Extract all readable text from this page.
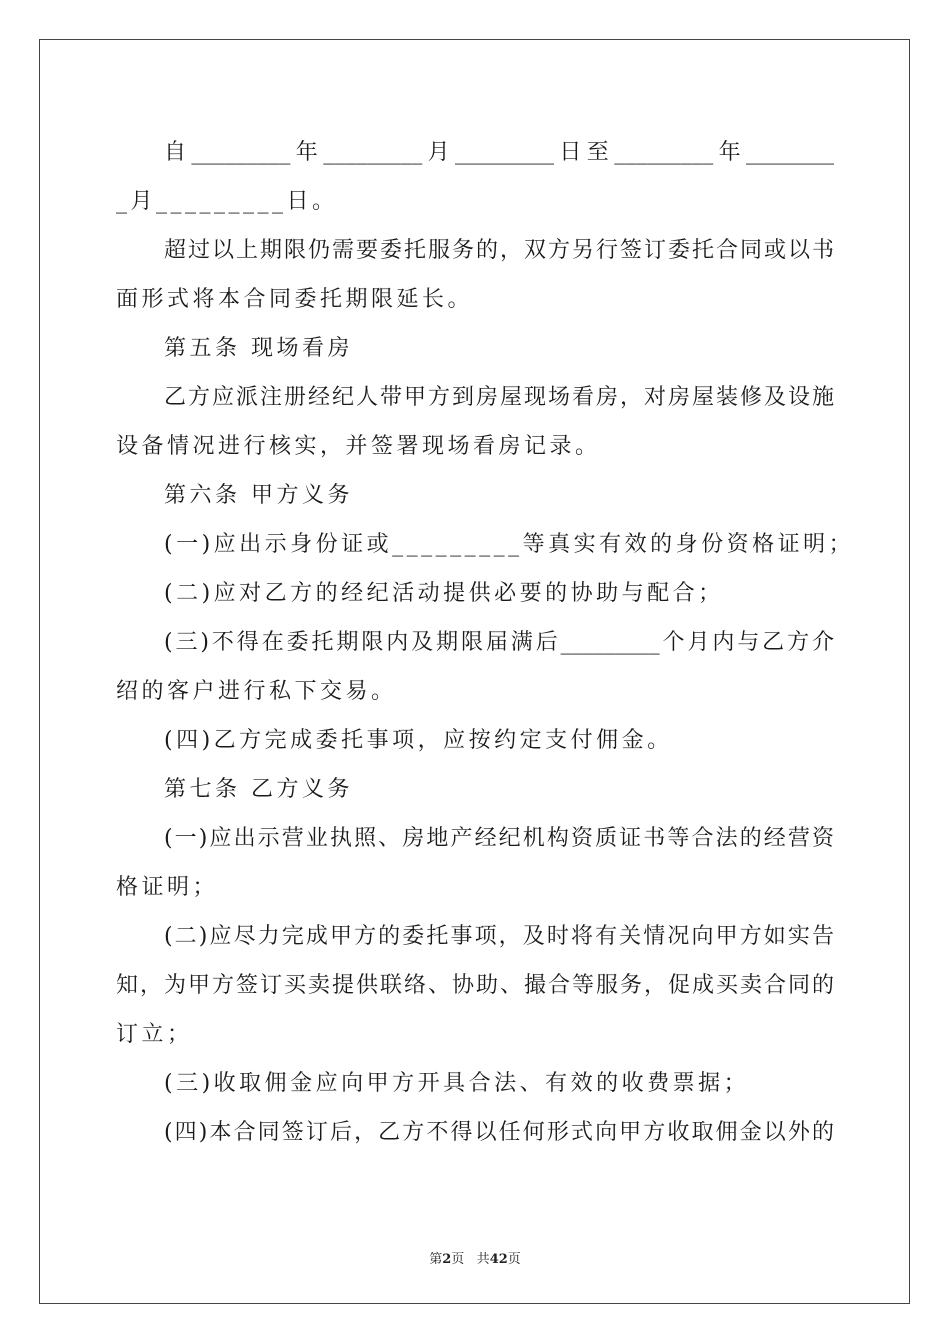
自_________年_________月_________日至_________年________
_月_________日。
超过以上期限仍需要委托服务的，双方另行签订委托合同或以书
面形式将本合同委托期限延长。
第五条 现场看房
乙方应派注册经纪人带甲方到房屋现场看房，对房屋装修及设施
设备情况进行核实，并签署现场看房记录。
第六条 甲方义务
(一)应出示身份证或_________等真实有效的身份资格证明；
(二)应对乙方的经纪活动提供必要的协助与配合；
(三)不得在委托期限内及期限届满后_________个月内与乙方介
绍的客户进行私下交易。
(四)乙方完成委托事项，应按约定支付佣金。
第七条 乙方义务
(一)应出示营业执照、房地产经纪机构资质证书等合法的经营资
格证明；
(二)应尽力完成甲方的委托事项，及时将有关情况向甲方如实告
知，为甲方签订买卖提供联络、协助、撮合等服务，促成买卖合同的
订立；
(三)收取佣金应向甲方开具合法、有效的收费票据；
(四)本合同签订后，乙方不得以任何形式向甲方收取佣金以外的
第2页 共42页
